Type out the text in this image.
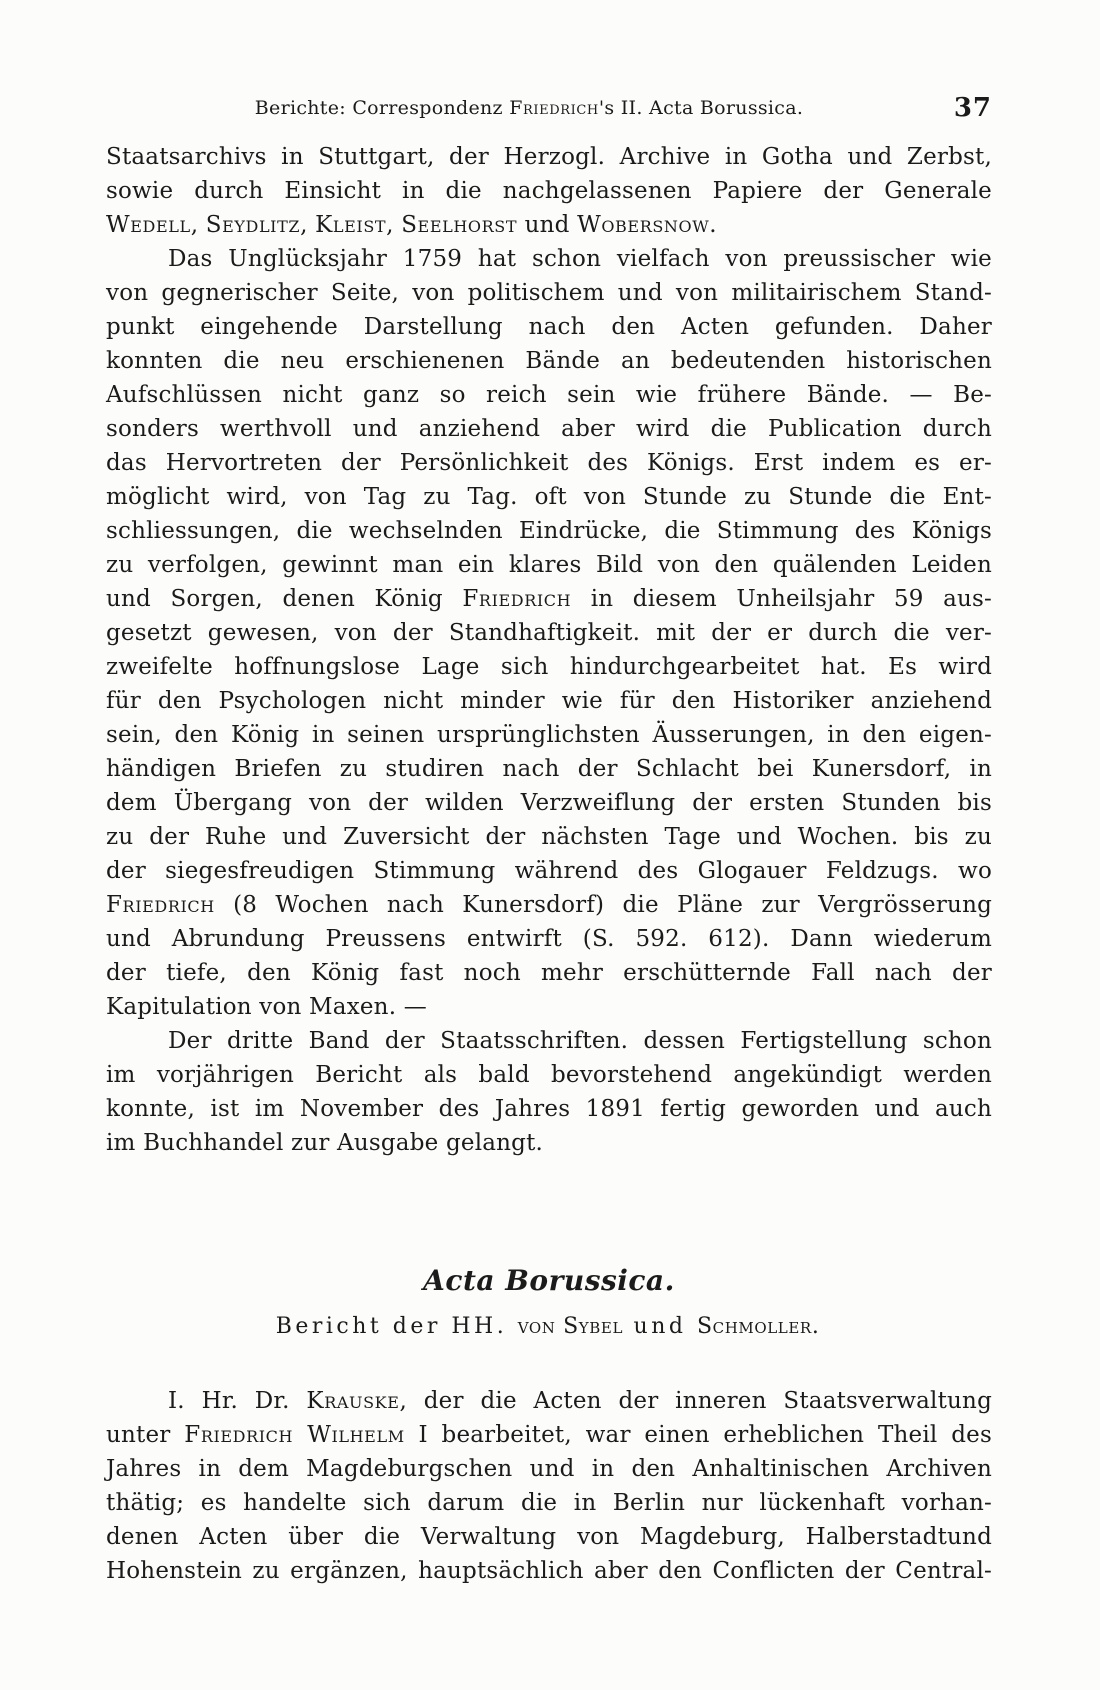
Berichte: Correspondenz Friedrich's II. Acta Borussica.	37
Staatsarchivs in Stuttgart, der Herzogl. Archive in Gotha und Zerbst,
sowie durch Einsicht in die nachgelassenen Papiere der Generale
Wedell, Seydlitz, Kleist, Seelhorst und Wobersnow.
Das Unglücksjahr 1759 hat schon vielfach von preussischer wie
von gegnerischer Seite, von politischem und von militairischem Stand-
punkt eingehende Darstellung nach den Acten gefunden. Daher
konnten die neu erschienenen Bände an bedeutenden historischen
Aufschlüssen nicht ganz so reich sein wie frühere Bände. — Be-
sonders werthvoll und anziehend aber wird die Publication durch
das Hervortreten der Persönlichkeit des Königs. Erst indem es er-
möglicht wird, von Tag zu Tag. oft von Stunde zu Stunde die Ent-
schliessungen, die wechselnden Eindrücke, die Stimmung des Königs
zu verfolgen, gewinnt man ein klares Bild von den quälenden Leiden
und Sorgen, denen König Friedrich in diesem Unheilsjahr 59 aus-
gesetzt gewesen, von der Standhaftigkeit. mit der er durch die ver-
zweifelte hoffnungslose Lage sich hindurchgearbeitet hat. Es wird
für den Psychologen nicht minder wie für den Historiker anziehend
sein, den König in seinen ursprünglichsten Äusserungen, in den eigen-
händigen Briefen zu studiren nach der Schlacht bei Kunersdorf, in
dem Übergang von der wilden Verzweiflung der ersten Stunden bis
zu der Ruhe und Zuversicht der nächsten Tage und Wochen. bis zu
der siegesfreudigen Stimmung während des Glogauer Feldzugs. wo
Friedrich (8 Wochen nach Kunersdorf) die Pläne zur Vergrösserung
und Abrundung Preussens entwirft (S. 592. 612). Dann wiederum
der tiefe, den König fast noch mehr erschütternde Fall nach der
Kapitulation von Maxen. —
Der dritte Band der Staatsschriften. dessen Fertigstellung schon
im vorjährigen Bericht als bald bevorstehend angekündigt werden
konnte, ist im November des Jahres 1891 fertig geworden und auch
im Buchhandel zur Ausgabe gelangt.
Acta Borussica.
Bericht der HH. von Sybel und Schmoller.
I. Hr. Dr. Krauske, der die Acten der inneren Staatsverwaltung
unter Friedrich Wilhelm I bearbeitet, war einen erheblichen Theil des
Jahres in dem Magdeburgschen und in den Anhaltinischen Archiven
thätig; es handelte sich darum die in Berlin nur lückenhaft vorhan-
denen Acten über die Verwaltung von Magdeburg, Halberstadtund
Hohenstein zu ergänzen, hauptsächlich aber den Conflicten der Central-
